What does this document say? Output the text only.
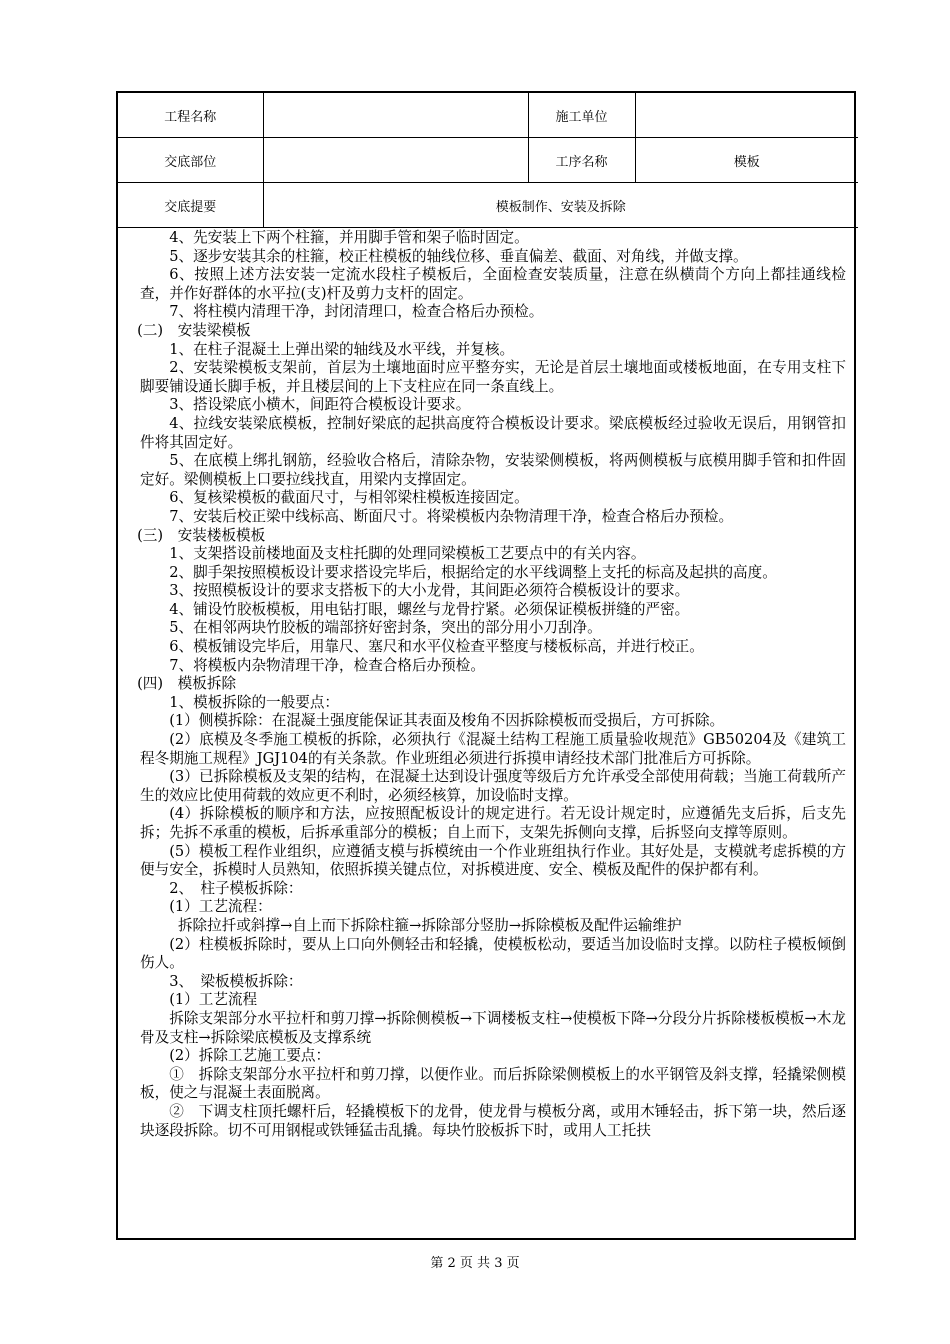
工程名称		施工单位	
交底部位		工序名称	模板
交底提要	模板制作、安装及拆除		

4、先安装上下两个柱箍，并用脚手管和架子临时固定。

5、逐步安装其余的柱箍，校正柱模板的轴线位移、垂直偏差、截面、对角线，并做支撑。

6、按照上述方法安装一定流水段柱子模板后，全面检查安装质量，注意在纵横茼个方向上都挂通线检查，并作好群体的水平拉(支)杆及剪力支杆的固定。

7、将柱模内清理干净，封闭清理口，检查合格后办预检。

(二)　安装梁模板

1、在柱子混凝土上弹出梁的轴线及水平线，并复核。

2、安装梁模板支架前，首层为土壤地面时应平整夯实，无论是首层土壤地面或楼板地面，在专用支柱下脚要铺设通长脚手板，并且楼层间的上下支柱应在同一条直线上。

3、搭设梁底小横木，间距符合模板设计要求。

4、拉线安装梁底模板，控制好梁底的起拱高度符合模板设计要求。梁底模板经过验收无误后，用钢管扣件将其固定好。

5、在底模上绑扎钢筋，经验收合格后，清除杂物，安装梁侧模板，将两侧模板与底模用脚手管和扣件固定好。梁侧模板上口要拉线找直，用梁内支撑固定。

6、复核梁模板的截面尺寸，与相邻梁柱模板连接固定。

7、安装后校正梁中线标高、断面尺寸。将梁模板内杂物清理干净，检查合格后办预检。

(三)　安装楼板模板

1、支架搭设前楼地面及支柱托脚的处理同梁模板工艺要点中的有关内容。

2、脚手架按照模板设计要求搭设完毕后，根据给定的水平线调整上支托的标高及起拱的高度。

3、按照模板设计的要求支搭板下的大小龙骨，其间距必须符合模板设计的要求。

4、铺设竹胶板模板，用电钻打眼，螺丝与龙骨拧紧。必须保证模板拼缝的严密。

5、在相邻两块竹胶板的端部挤好密封条，突出的部分用小刀刮净。

6、模板铺设完毕后，用靠尺、塞尺和水平仪检查平整度与楼板标高，并进行校正。

7、将模板内杂物清理干净，检查合格后办预检。

(四)　模板拆除

1、模板拆除的一般要点：

(1）侧模拆除：在混凝土强度能保证其表面及梭角不因拆除模板而受损后，方可拆除。

(2）底模及冬季施工模板的拆除，必须执行《混凝土结构工程施工质量验收规范》GB50204及《建筑工程冬期施工规程》JGJ104的有关条款。作业班组必须进行拆摸申请经技术部门批准后方可拆除。

(3）已拆除模板及支架的结构，在混凝土达到设计强度等级后方允许承受全部使用荷载；当施工荷载所产生的效应比使用荷载的效应更不利时，必须经核算，加设临时支撑。

(4）拆除模板的顺序和方法，应按照配板设计的规定进行。若无设计规定时，应遵循先支后拆，后支先拆；先拆不承重的模板，后拆承重部分的模板；自上而下，支架先拆侧向支撑，后拆竖向支撑等原则。

(5）模板工程作业组织，应遵循支模与拆模统由一个作业班组执行作业。其好处是，支模就考虑拆模的方便与安全，拆模时人员熟知，依照拆摸关键点位，对拆模进度、安全、模板及配件的保护都有利。

2、　柱子模板拆除：

(1）工艺流程：

拆除拉扦或斜撑→自上而下拆除柱箍→拆除部分竖肋→拆除模板及配件运输维护

(2）柱模板拆除时，要从上口向外侧轻击和轻撬，使模板松动，要适当加设临时支撑。以防柱子模板倾倒伤人。

3、　梁板模板拆除：

(1）工艺流程

拆除支架部分水平拉杆和剪刀撑→拆除侧模板→下调楼板支柱→使模板下降→分段分片拆除楼板模板→木龙骨及支柱→拆除梁底模板及支撑系统

(2）拆除工艺施工要点：

①　拆除支架部分水平拉杆和剪刀撑，以便作业。而后拆除梁侧模板上的水平钢管及斜支撑，轻撬梁侧模板，使之与混凝土表面脱离。

②　下调支柱顶托螺杆后，轻撬模板下的龙骨，使龙骨与模板分离，或用木锤轻击，拆下第一块，然后逐块逐段拆除。切不可用钢棍或铁锤猛击乱撬。每块竹胶板拆下时，或用人工托扶

第 2 页 共 3 页
